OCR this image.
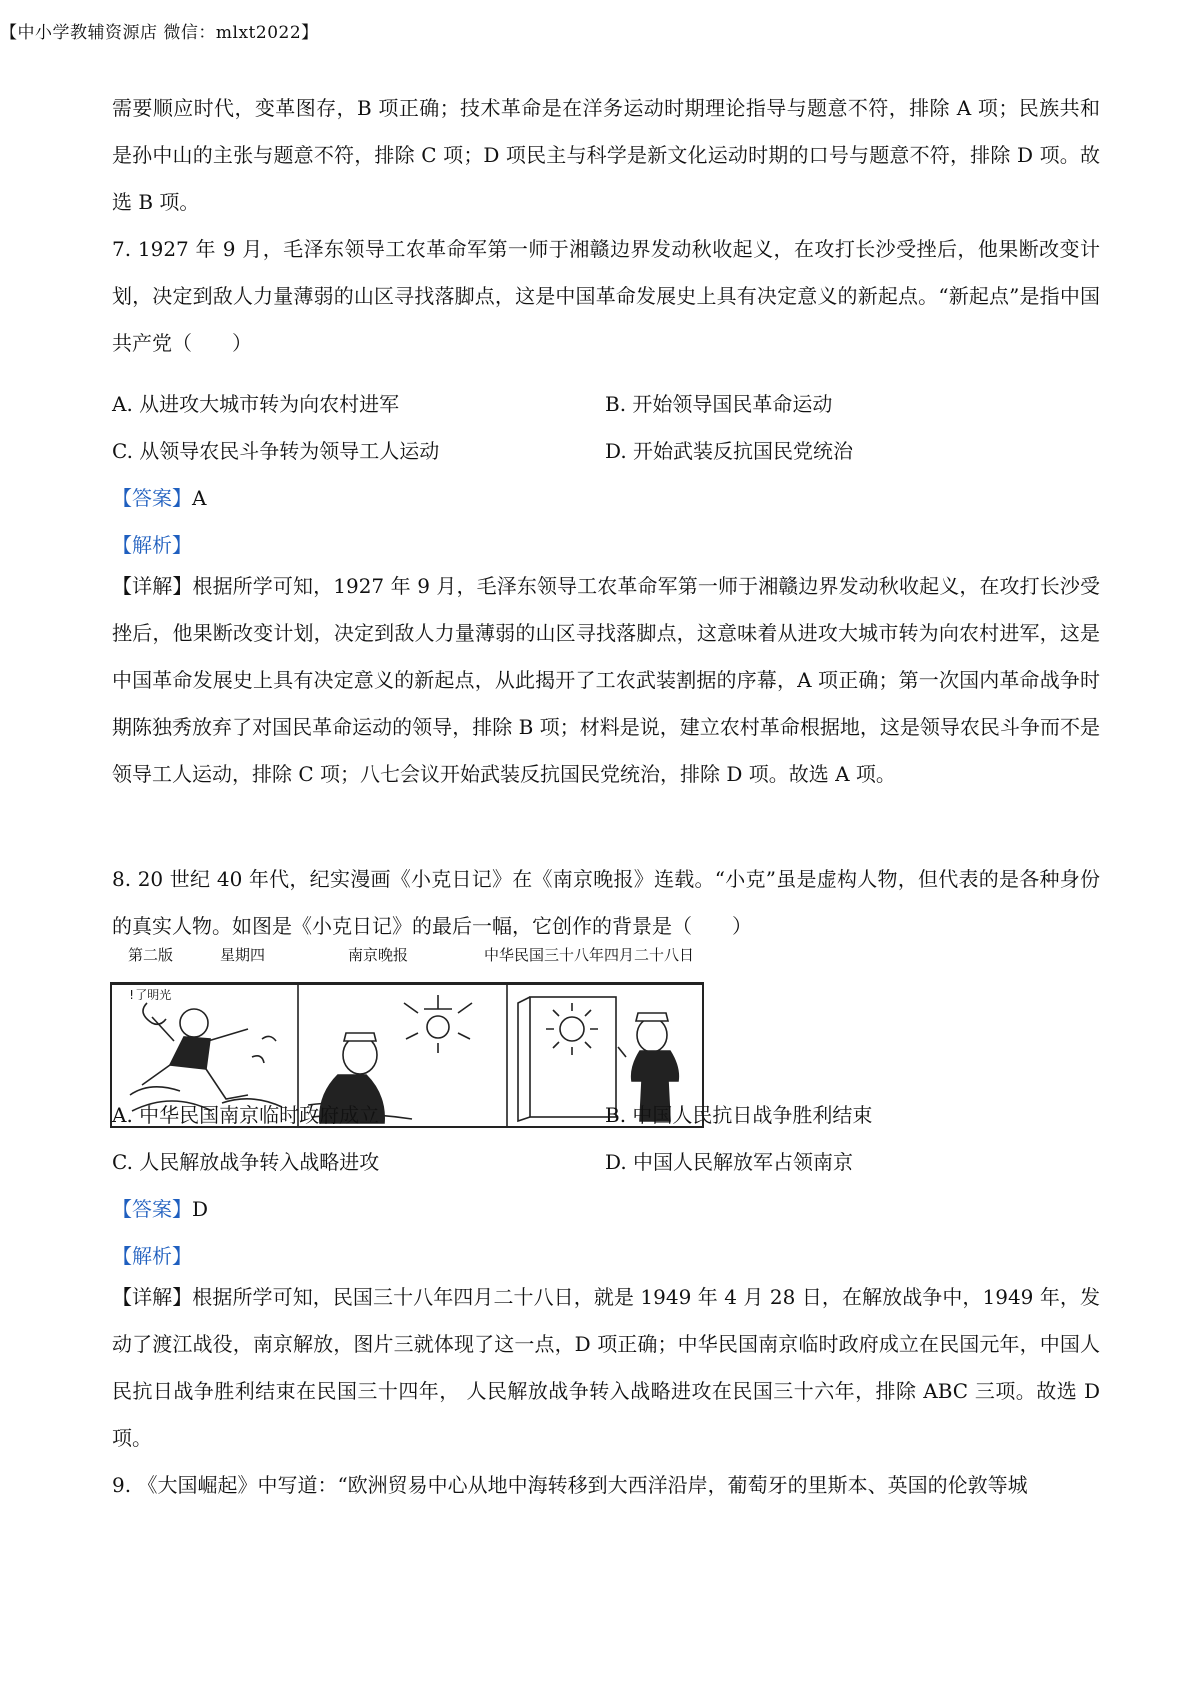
【中小学教辅资源店 微信：mlxt2022】

需要顺应时代，变革图存，B 项正确；技术革命是在洋务运动时期理论指导与题意不符，排除 A 项；民族共和是孙中山的主张与题意不符，排除 C 项；D 项民主与科学是新文化运动时期的口号与题意不符，排除 D 项。故选 B 项。

7. 1927 年 9 月，毛泽东领导工农革命军第一师于湘赣边界发动秋收起义，在攻打长沙受挫后，他果断改变计划，决定到敌人力量薄弱的山区寻找落脚点，这是中国革命发展史上具有决定意义的新起点。“新起点”是指中国共产党（　　）

A. 从进攻大城市转为向农村进军	B. 开始领导国民革命运动
C. 从领导农民斗争转为领导工人运动	D. 开始武装反抗国民党统治
【答案】A
【解析】

【详解】根据所学可知，1927 年 9 月，毛泽东领导工农革命军第一师于湘赣边界发动秋收起义，在攻打长沙受挫后，他果断改变计划，决定到敌人力量薄弱的山区寻找落脚点，这意味着从进攻大城市转为向农村进军，这是中国革命发展史上具有决定意义的新起点，从此揭开了工农武装割据的序幕，A 项正确；第一次国内革命战争时期陈独秀放弃了对国民革命运动的领导，排除 B 项；材料是说，建立农村革命根据地，这是领导农民斗争而不是领导工人运动，排除 C 项；八七会议开始武装反抗国民党统治，排除 D 项。故选 A 项。

8. 20 世纪 40 年代，纪实漫画《小克日记》在《南京晚报》连载。“小克”虽是虚构人物，但代表的是各种身份的真实人物。如图是《小克日记》的最后一幅，它创作的背景是（　　）

第二版	星期四	南京晚报	中华民国三十八年四月二十八日
!了明光
A. 中华民国南京临时政府成立	B. 中国人民抗日战争胜利结束
C. 人民解放战争转入战略进攻	D. 中国人民解放军占领南京
【答案】D
【解析】

【详解】根据所学可知，民国三十八年四月二十八日，就是 1949 年 4 月 28 日，在解放战争中，1949 年，发动了渡江战役，南京解放，图片三就体现了这一点，D 项正确；中华民国南京临时政府成立在民国元年，中国人民抗日战争胜利结束在民国三十四年， 人民解放战争转入战略进攻在民国三十六年，排除 ABC 三项。故选 D 项。

9. 《大国崛起》中写道：“欧洲贸易中心从地中海转移到大西洋沿岸，葡萄牙的里斯本、英国的伦敦等城
